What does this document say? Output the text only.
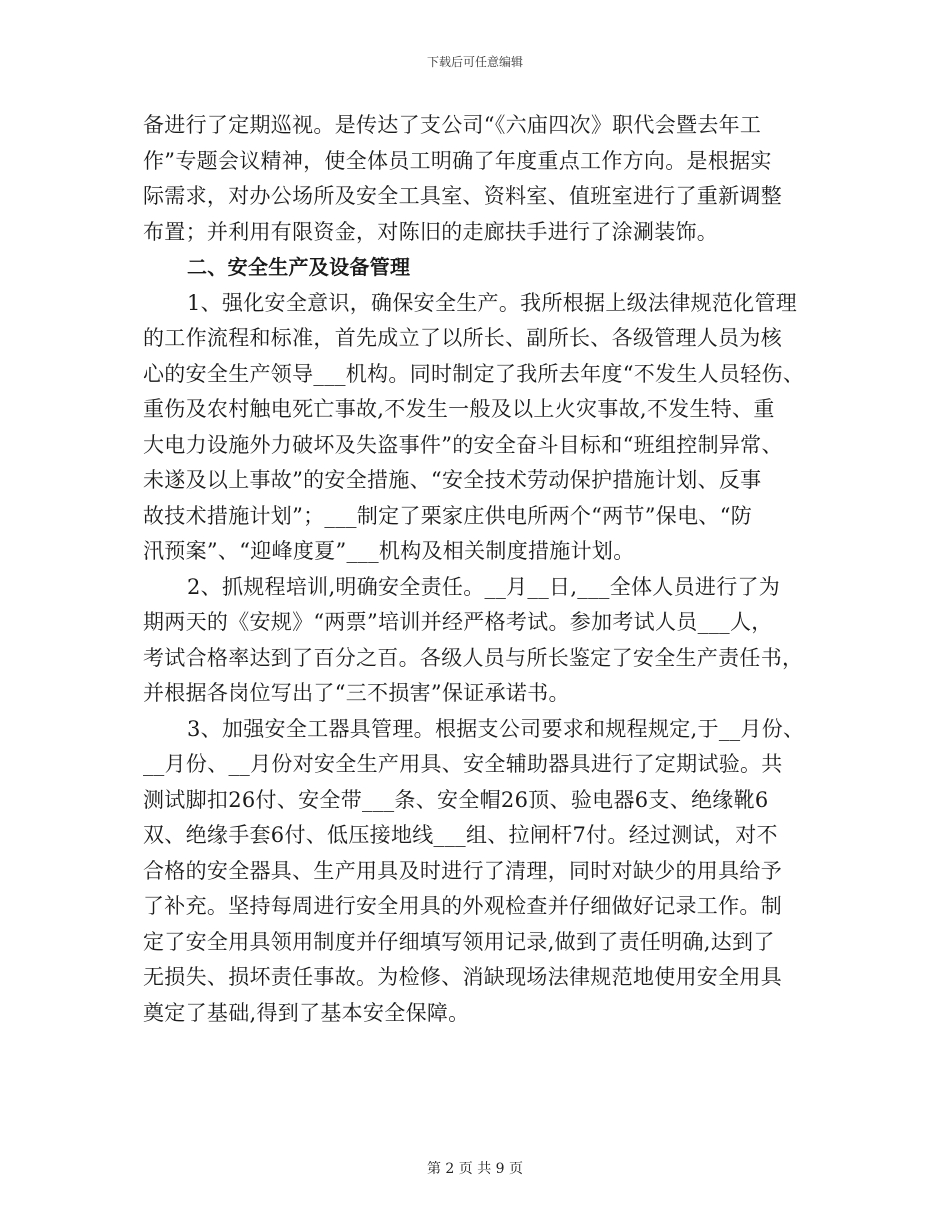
下载后可任意编辑
备进行了定期巡视。是传达了支公司“《六庙四次》职代会暨去年工
作”专题会议精神，使全体员工明确了年度重点工作方向。是根据实
际需求，对办公场所及安全工具室、资料室、值班室进行了重新调整
布置；并利用有限资金，对陈旧的走廊扶手进行了涂涮装饰。
二、安全生产及设备管理
1、强化安全意识，确保安全生产。我所根据上级法律规范化管理
的工作流程和标准，首先成立了以所长、副所长、各级管理人员为核
心的安全生产领导___机构。同时制定了我所去年度“不发生人员轻伤、
重伤及农村触电死亡事故,不发生一般及以上火灾事故,不发生特、重
大电力设施外力破坏及失盗事件”的安全奋斗目标和“班组控制异常、
未遂及以上事故”的安全措施、“安全技术劳动保护措施计划、反事
故技术措施计划”；___制定了栗家庄供电所两个“两节”保电、“防
汛预案”、“迎峰度夏”___机构及相关制度措施计划。
2、抓规程培训,明确安全责任。__月__日,___全体人员进行了为
期两天的《安规》“两票”培训并经严格考试。参加考试人员___人，
考试合格率达到了百分之百。各级人员与所长鉴定了安全生产责任书，
并根据各岗位写出了“三不损害”保证承诺书。
3、加强安全工器具管理。根据支公司要求和规程规定,于__月份、
__月份、__月份对安全生产用具、安全辅助器具进行了定期试验。共
测试脚扣26付、安全带___条、安全帽26顶、验电器6支、绝缘靴6
双、绝缘手套6付、低压接地线___组、拉闸杆7付。经过测试，对不
合格的安全器具、生产用具及时进行了清理，同时对缺少的用具给予
了补充。坚持每周进行安全用具的外观检查并仔细做好记录工作。制
定了安全用具领用制度并仔细填写领用记录,做到了责任明确,达到了
无损失、损坏责任事故。为检修、消缺现场法律规范地使用安全用具
奠定了基础,得到了基本安全保障。
第 2 页 共 9 页
